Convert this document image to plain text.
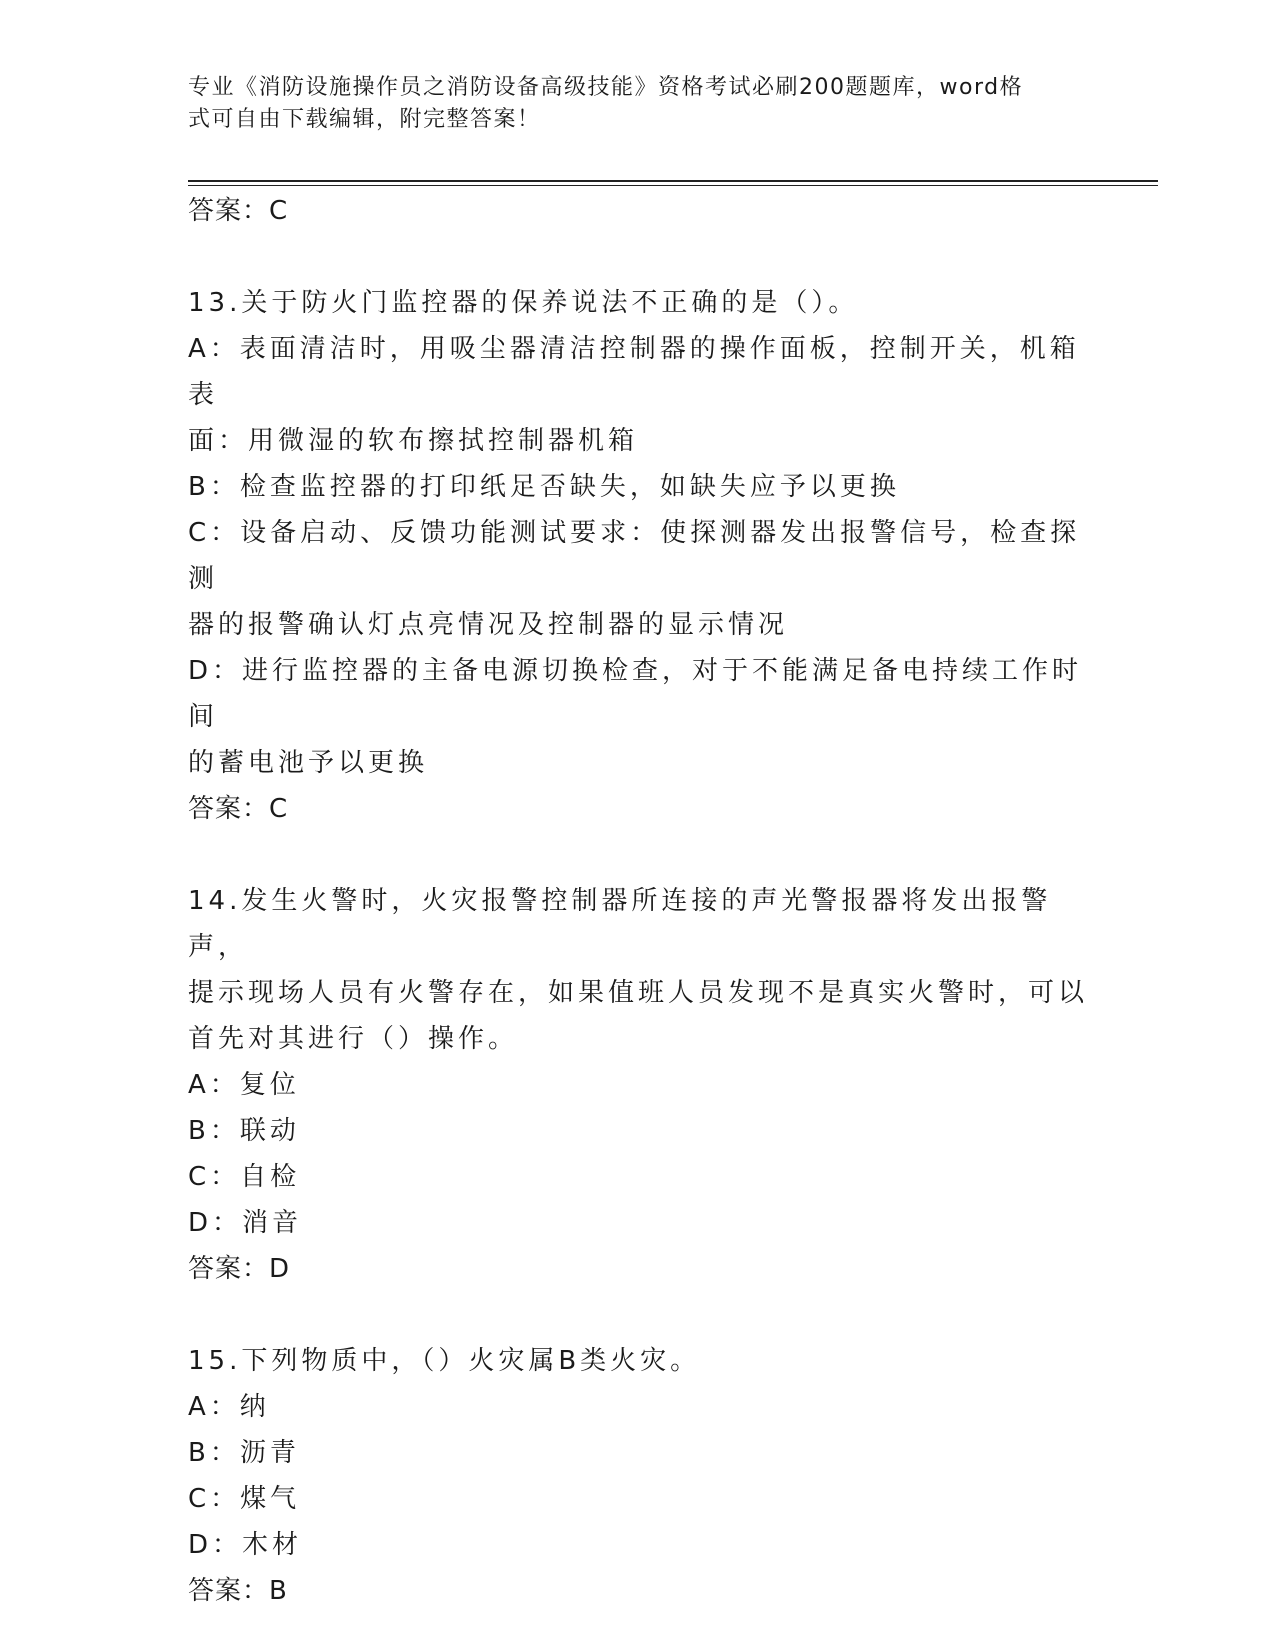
专业《消防设施操作员之消防设备高级技能》资格考试必刷200题题库，word格
式可自由下载编辑，附完整答案！

答案：C

13.关于防火门监控器的保养说法不正确的是（）。

A：表面清洁时，用吸尘器清洁控制器的操作面板，控制开关，机箱表

面：用微湿的软布擦拭控制器机箱

B：检查监控器的打印纸足否缺失，如缺失应予以更换

C：设备启动、反馈功能测试要求：使探测器发出报警信号，检查探测

器的报警确认灯点亮情况及控制器的显示情况

D：进行监控器的主备电源切换检查，对于不能满足备电持续工作时间

的蓄电池予以更换

答案：C

14.发生火警时，火灾报警控制器所连接的声光警报器将发出报警声，

提示现场人员有火警存在，如果值班人员发现不是真实火警时，可以

首先对其进行（）操作。

A：复位

B：联动

C：自检

D：消音

答案：D

15.下列物质中，（）火灾属B类火灾。

A：纳

B：沥青

C：煤气

D：木材

答案：B
